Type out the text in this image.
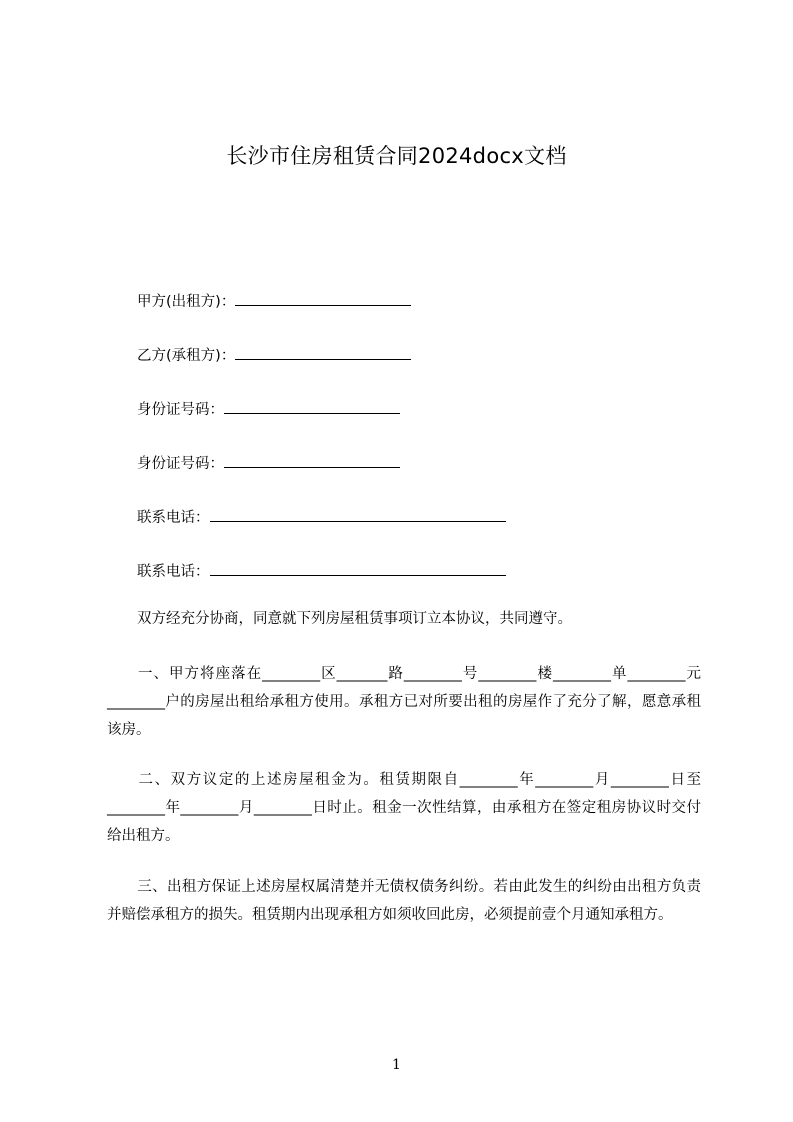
长沙市住房租赁合同2024docx文档
甲方(出租方)：
乙方(承租方)：
身份证号码：
身份证号码：
联系电话：
联系电话：
双方经充分协商，同意就下列房屋租赁事项订立本协议，共同遵守。
一、甲方将座落在________区_______路________号________楼________单________元________户的房屋出租给承租方使用。承租方已对所要出租的房屋作了充分了解，愿意承租该房。
二、双方议定的上述房屋租金为。租赁期限自________年________月________日至________年________月________日时止。租金一次性结算，由承租方在签定租房协议时交付给出租方。
三、出租方保证上述房屋权属清楚并无债权债务纠纷。若由此发生的纠纷由出租方负责并赔偿承租方的损失。租赁期内出现承租方如须收回此房，必须提前壹个月通知承租方。
1
